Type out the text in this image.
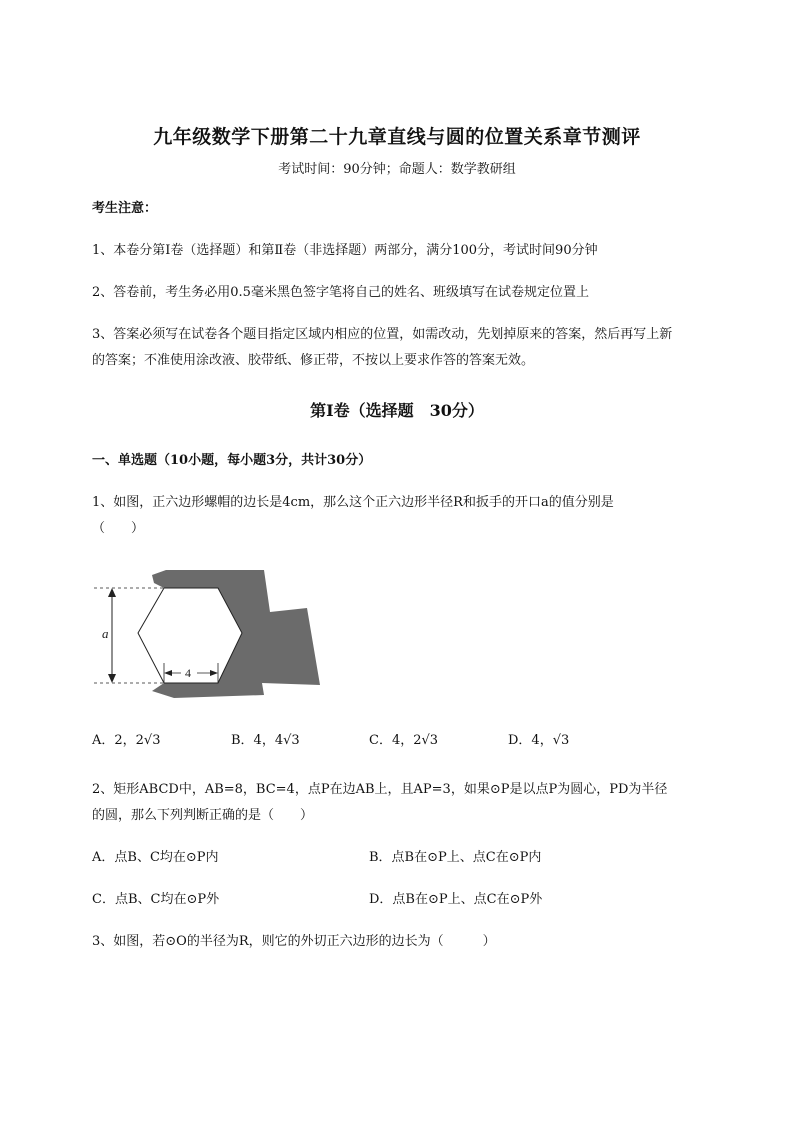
九年级数学下册第二十九章直线与圆的位置关系章节测评
考试时间：90分钟；命题人：数学教研组
考生注意：
1、本卷分第I卷（选择题）和第Ⅱ卷（非选择题）两部分，满分100分，考试时间90分钟
2、答卷前，考生务必用0.5毫米黑色签字笔将自己的姓名、班级填写在试卷规定位置上
3、答案必须写在试卷各个题目指定区域内相应的位置，如需改动，先划掉原来的答案，然后再写上新
的答案；不准使用涂改液、胶带纸、修正带，不按以上要求作答的答案无效。
第I卷（选择题　30分）
一、单选题（10小题，每小题3分，共计30分）
1、如图，正六边形螺帽的边长是4cm，那么这个正六边形半径R和扳手的开口a的值分别是
（　　）
a
4
A．2，2√3	B．4，4√3	C．4，2√3	D．4，√3
2、矩形ABCD中，AB=8，BC=4，点P在边AB上，且AP=3，如果⊙P是以点P为圆心，PD为半径
的圆，那么下列判断正确的是（　　）
A．点B、C均在⊙P内	B．点B在⊙P上、点C在⊙P内
C．点B、C均在⊙P外	D．点B在⊙P上、点C在⊙P外
3、如图，若⊙O的半径为R，则它的外切正六边形的边长为（　　　）
